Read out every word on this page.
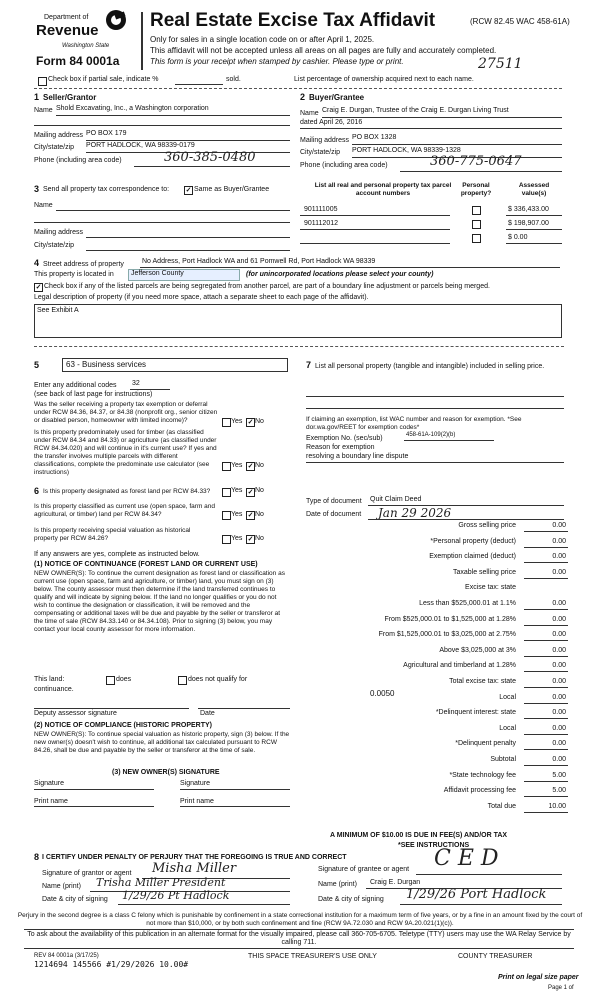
Department of
Revenue
Washington State
Form 84 0001a
Real Estate Excise Tax Affidavit	(RCW 82.45 WAC 458-61A)
Only for sales in a single location code on or after April 1, 2025.
This affidavit will not be accepted unless all areas on all pages are fully and accurately completed.
This form is your receipt when stamped by cashier. Please type or print.	27511
Check box if partial sale, indicate %	sold.	List percentage of ownership acquired next to each name.
1 Seller/Grantor
Name Shold Excavating, Inc., a Washington corporation
Mailing address PO BOX 179
City/state/zip PORT HADLOCK, WA 98339-0179
Phone (including area code)	360-385-0480
2 Buyer/Grantee
Name Craig E. Durgan, Trustee of the Craig E. Durgan Living Trust
dated April 26, 2016
Mailing address PO BOX 1328
City/state/zip PORT HADLOCK, WA 98339-1328
Phone (including area code)	360-775-0647
3 Send all property tax correspondence to: ✓ Same as Buyer/Grantee
Name
Mailing address
City/state/zip
List all real and personal property tax parcel account numbers
Personal property?
Assessed value(s)
901111005	$ 336,433.00
901112012	$ 198,907.00
$ 0.00
4 Street address of property	No Address, Port Hadlock WA and 61 Pomwell Rd, Port Hadlock WA 98339
This property is located in Jefferson County	(for unincorporated locations please select your county)
✓ Check box if any of the listed parcels are being segregated from another parcel, are part of a boundary line adjustment or parcels being merged.
Legal description of property (if you need more space, attach a separate sheet to each page of the affidavit).
See Exhibit A
5	63 - Business services
Enter any additional codes 32
(see back of last page for instructions)
Was the seller receiving a property tax exemption or deferral under RCW 84.36, 84.37, or 84.38 (nonprofit org., senior citizen or disabled person, homeowner with limited income)?	Yes ✓ No
Is this property predominately used for timber (as classified under RCW 84.34 and 84.33) or agriculture (as classified under RCW 84.34.020) and will continue in it's current use? If yes and the transfer involves multiple parcels with different classifications, complete the predominate use calculator (see instructions)
Yes ✓ No
6 Is this property designated as forest land per RCW 84.33?	Yes ✓ No
Is this property classified as current use (open space, farm and agricultural, or timber) land per RCW 84.34?	Yes ✓ No
Is this property receiving special valuation as historical property per RCW 84.26?	Yes ✓ No
If any answers are yes, complete as instructed below.
(1) NOTICE OF CONTINUANCE (FOREST LAND OR CURRENT USE)
NEW OWNER(S): To continue the current designation as forest land or classification as current use (open space, farm and agriculture, or timber) land, you must sign on (3) below. The county assessor must then determine if the land transferred continues to qualify and will indicate by signing below. If the land no longer qualifies or you do not wish to continue the designation or classification, it will be removed and the compensating or additional taxes will be due and payable by the seller or transferor at the time of sale (RCW 84.33.140 or 84.34.108). Prior to signing (3) below, you may contact your local county assessor for more information.
This land:	does	does not qualify for
continuance.
Deputy assessor signature	Date
(2) NOTICE OF COMPLIANCE (HISTORIC PROPERTY)
NEW OWNER(S): To continue special valuation as historic property, sign (3) below. If the new owner(s) doesn't wish to continue, all additional tax calculated pursuant to RCW 84.26, shall be due and payable by the seller or transferor at the time of sale.
(3) NEW OWNER(S) SIGNATURE
Signature	Signature
Print name	Print name
7 List all personal property (tangible and intangible) included in selling price.
If claiming an exemption, list WAC number and reason for exemption. *See dor.wa.gov/REET for exemption codes*
Exemption No. (sec/sub)	458-61A-109(2)(b)
Reason for exemption
resolving a boundary line dispute
Type of document Quit Claim Deed
Date of document Jan 29 2026
Gross selling price	0.00
*Personal property (deduct)	0.00
Exemption claimed (deduct)	0.00
Taxable selling price	0.00
Excise tax: state
Less than $525,000.01 at 1.1%	0.00
From $525,000.01 to $1,525,000 at 1.28%	0.00
From $1,525,000.01 to $3,025,000 at 2.75%	0.00
Above $3,025,000 at 3%	0.00
Agricultural and timberland at 1.28%	0.00
Total excise tax: state	0.00
Local	0.00
*Delinquent interest: state	0.00
Local	0.00
*Delinquent penalty	0.00
Subtotal	0.00
*State technology fee	5.00
Affidavit processing fee	5.00
Total due	10.00
0.0050
A MINIMUM OF $10.00 IS DUE IN FEE(S) AND/OR TAX
*SEE INSTRUCTIONS
8 I CERTIFY UNDER PENALTY OF PERJURY THAT THE FOREGOING IS TRUE AND CORRECT
Signature of grantor or agent Misha Miller
Name (print) Trisha Miller President
Date & city of signing 1/29/26 Pt Hadlock
Signature of grantee or agent C E D
Name (print) Craig E. Durgan
Date & city of signing 1/29/26 Port Hadlock
Perjury in the second degree is a class C felony which is punishable by confinement in a state correctional institution for a maximum term of five years, or by a fine in an amount fixed by the court of not more than $10,000, or by both such confinement and fine (RCW 9A.72.030 and RCW 9A.20.021(1)(c)).
To ask about the availability of this publication in an alternate format for the visually impaired, please call 360-705-6705. Teletype (TTY) users may use the WA Relay Service by calling 711.
REV 84 0001a (3/17/25)
1214694 145566 #1/29/2026 10.00#
THIS SPACE TREASURER'S USE ONLY	COUNTY TREASURER
Print on legal size paper
Page 1 of
